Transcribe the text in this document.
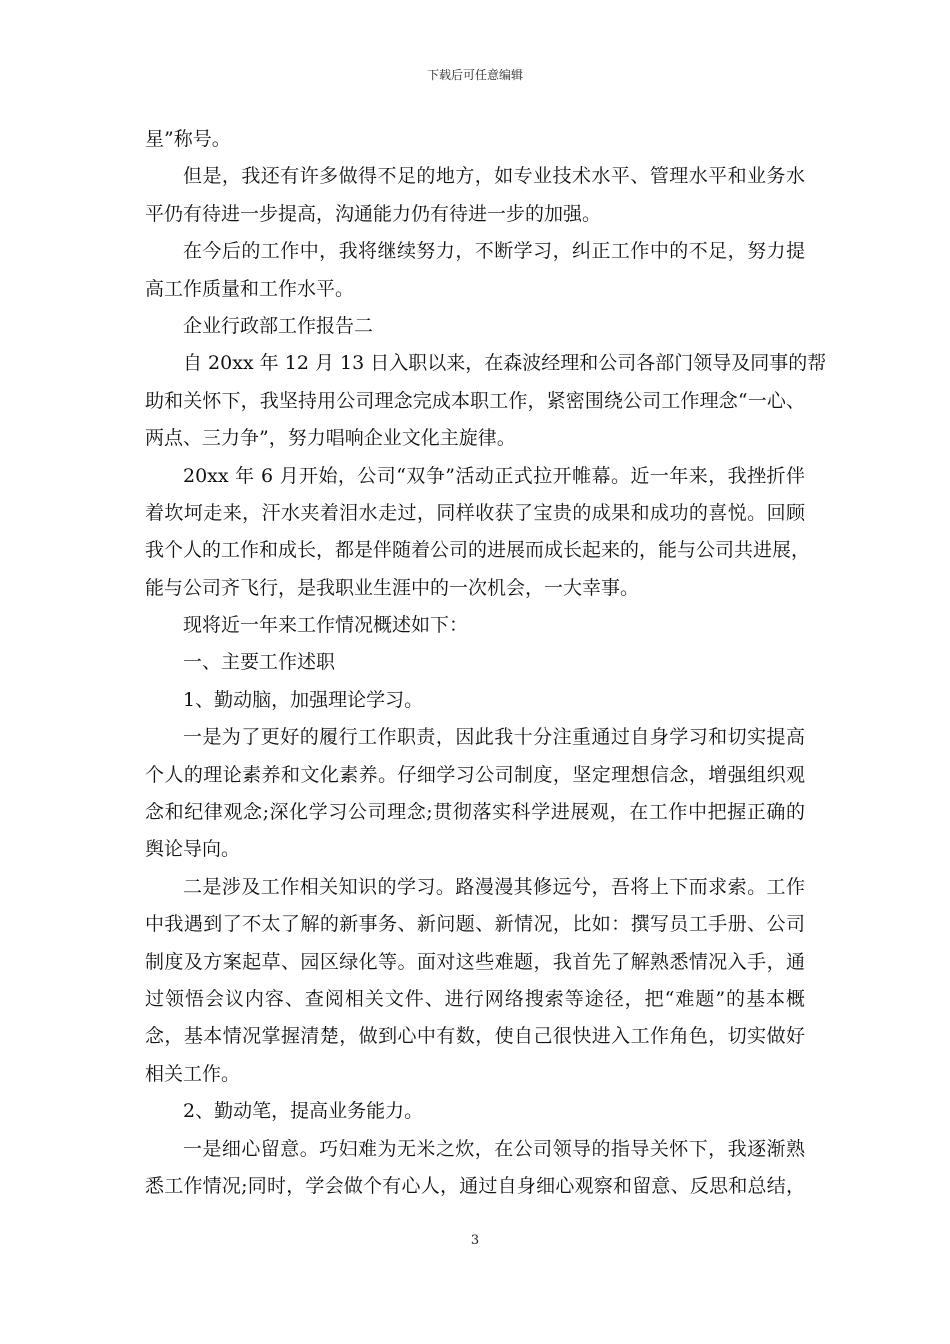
下载后可任意编辑
星”称号。
但是，我还有许多做得不足的地方，如专业技术水平、管理水平和业务水
平仍有待进一步提高，沟通能力仍有待进一步的加强。
在今后的工作中，我将继续努力，不断学习，纠正工作中的不足，努力提
高工作质量和工作水平。
企业行政部工作报告二
自 20xx 年 12 月 13 日入职以来，在森波经理和公司各部门领导及同事的帮
助和关怀下，我坚持用公司理念完成本职工作，紧密围绕公司工作理念“一心、
两点、三力争”，努力唱响企业文化主旋律。
20xx 年 6 月开始，公司“双争”活动正式拉开帷幕。近一年来，我挫折伴
着坎坷走来，汗水夹着泪水走过，同样收获了宝贵的成果和成功的喜悦。回顾
我个人的工作和成长，都是伴随着公司的进展而成长起来的，能与公司共进展，
能与公司齐飞行，是我职业生涯中的一次机会，一大幸事。
现将近一年来工作情况概述如下：
一、主要工作述职
1、勤动脑，加强理论学习。
一是为了更好的履行工作职责，因此我十分注重通过自身学习和切实提高
个人的理论素养和文化素养。仔细学习公司制度，坚定理想信念，增强组织观
念和纪律观念;深化学习公司理念;贯彻落实科学进展观，在工作中把握正确的
舆论导向。
二是涉及工作相关知识的学习。路漫漫其修远兮，吾将上下而求索。工作
中我遇到了不太了解的新事务、新问题、新情况，比如：撰写员工手册、公司
制度及方案起草、园区绿化等。面对这些难题，我首先了解熟悉情况入手，通
过领悟会议内容、查阅相关文件、进行网络搜索等途径，把“难题”的基本概
念，基本情况掌握清楚，做到心中有数，使自己很快进入工作角色，切实做好
相关工作。
2、勤动笔，提高业务能力。
一是细心留意。巧妇难为无米之炊，在公司领导的指导关怀下，我逐渐熟
悉工作情况;同时，学会做个有心人，通过自身细心观察和留意、反思和总结，
3
